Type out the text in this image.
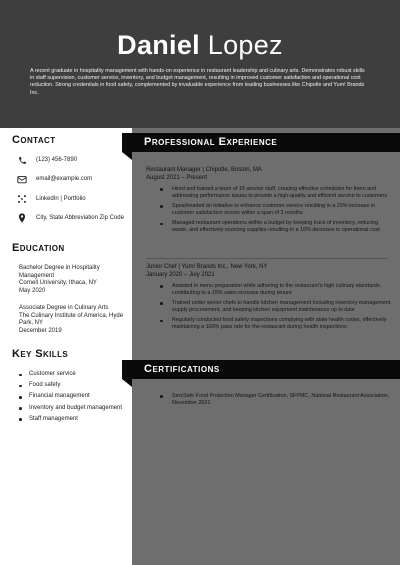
Daniel Lopez
A recent graduate in hospitality management with hands-on experience in restaurant leadership and culinary arts. Demonstrates robust skills in staff supervision, customer service, inventory, and budget management, resulting in improved customer satisfaction and operational cost reduction. Strong credentials in food safety, complemented by invaluable experience from leading businesses like Chipotle and Yum! Brands Inc.
Contact
(123) 456-7890
email@example.com
LinkedIn | Portfolio
City, State Abbreviation Zip Code
Education
Bachelor Degree in Hospitality Management
Cornell University, Ithaca, NY
May 2020
Associate Degree in Culinary Arts
The Culinary Institute of America, Hyde Park, NY
December 2019
Key Skills
Customer service
Food safety
Financial management
Inventory and budget management
Staff management
Professional Experience
Restaurant Manager | Chipotle, Boston, MA
August 2021 – Present
Hired and trained a team of 15 service staff, creating effective schedules for them and addressing performance issues to provide a high-quality and efficient service to customers
Spearheaded an initiative to enhance customer service resulting in a 20% increase in customer satisfaction scores within a span of 3 months
Managed restaurant operations within a budget by keeping track of inventory, reducing waste, and effectively sourcing supplies resulting in a 10% decrease in operational cost
Junior Chef | Yum! Brands Inc., New York, NY
January 2020 – July 2021
Assisted in menu preparation while adhering to the restaurant's high culinary standards, contributing to a 15% sales increase during tenure
Trained under senior chefs to handle kitchen management including inventory management, supply procurement, and keeping kitchen equipment maintenance up to date
Regularly conducted food safety inspections complying with state health codes, effectively maintaining a 100% pass rate for the restaurant during health inspections
Certifications
ServSafe Food Protection Manager Certification, SFPMC, National Restaurant Association, November 2021
